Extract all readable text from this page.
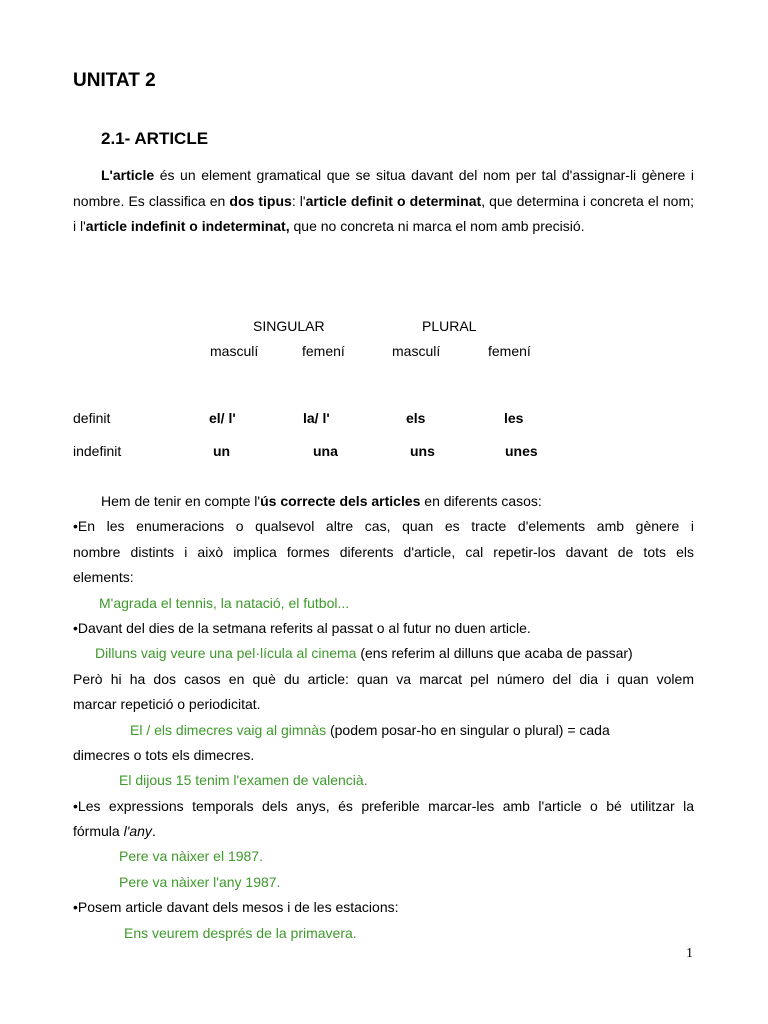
UNITAT 2
2.1- ARTICLE
L'article és un element gramatical que se situa davant del nom per tal d'assignar-li gènere i nombre. Es classifica en dos tipus: l'article definit o determinat, que determina i concreta el nom; i l'article indefinit o indeterminat, que no concreta ni marca el nom amb precisió.
SINGULAR	PLURAL
masculí	femení	masculí	femení
definit	el/ l'	la/ l'	els	les
indefinit	un	una	uns	unes
Hem de tenir en compte l'ús correcte dels articles en diferents casos:
•En les enumeracions o qualsevol altre cas, quan es tracte d'elements amb gènere i
nombre distints i això implica formes diferents d'article, cal repetir-los davant de tots els
elements:
M'agrada el tennis, la natació, el futbol...
•Davant del dies de la setmana referits al passat o al futur no duen article.
Dilluns vaig veure una pel·lícula al cinema (ens referim al dilluns que acaba de passar)
Però hi ha dos casos en què du article: quan va marcat pel número del dia i quan volem
marcar repetició o periodicitat.
El / els dimecres vaig al gimnàs (podem posar-ho en singular o plural) = cada
dimecres o tots els dimecres.
El dijous 15 tenim l'examen de valencià.
•Les expressions temporals dels anys, és preferible marcar-les amb l'article o bé utilitzar la
fórmula l'any.
Pere va nàixer el 1987.
Pere va nàixer l'any 1987.
•Posem article davant dels mesos i de les estacions:
Ens veurem després de la primavera.
1
